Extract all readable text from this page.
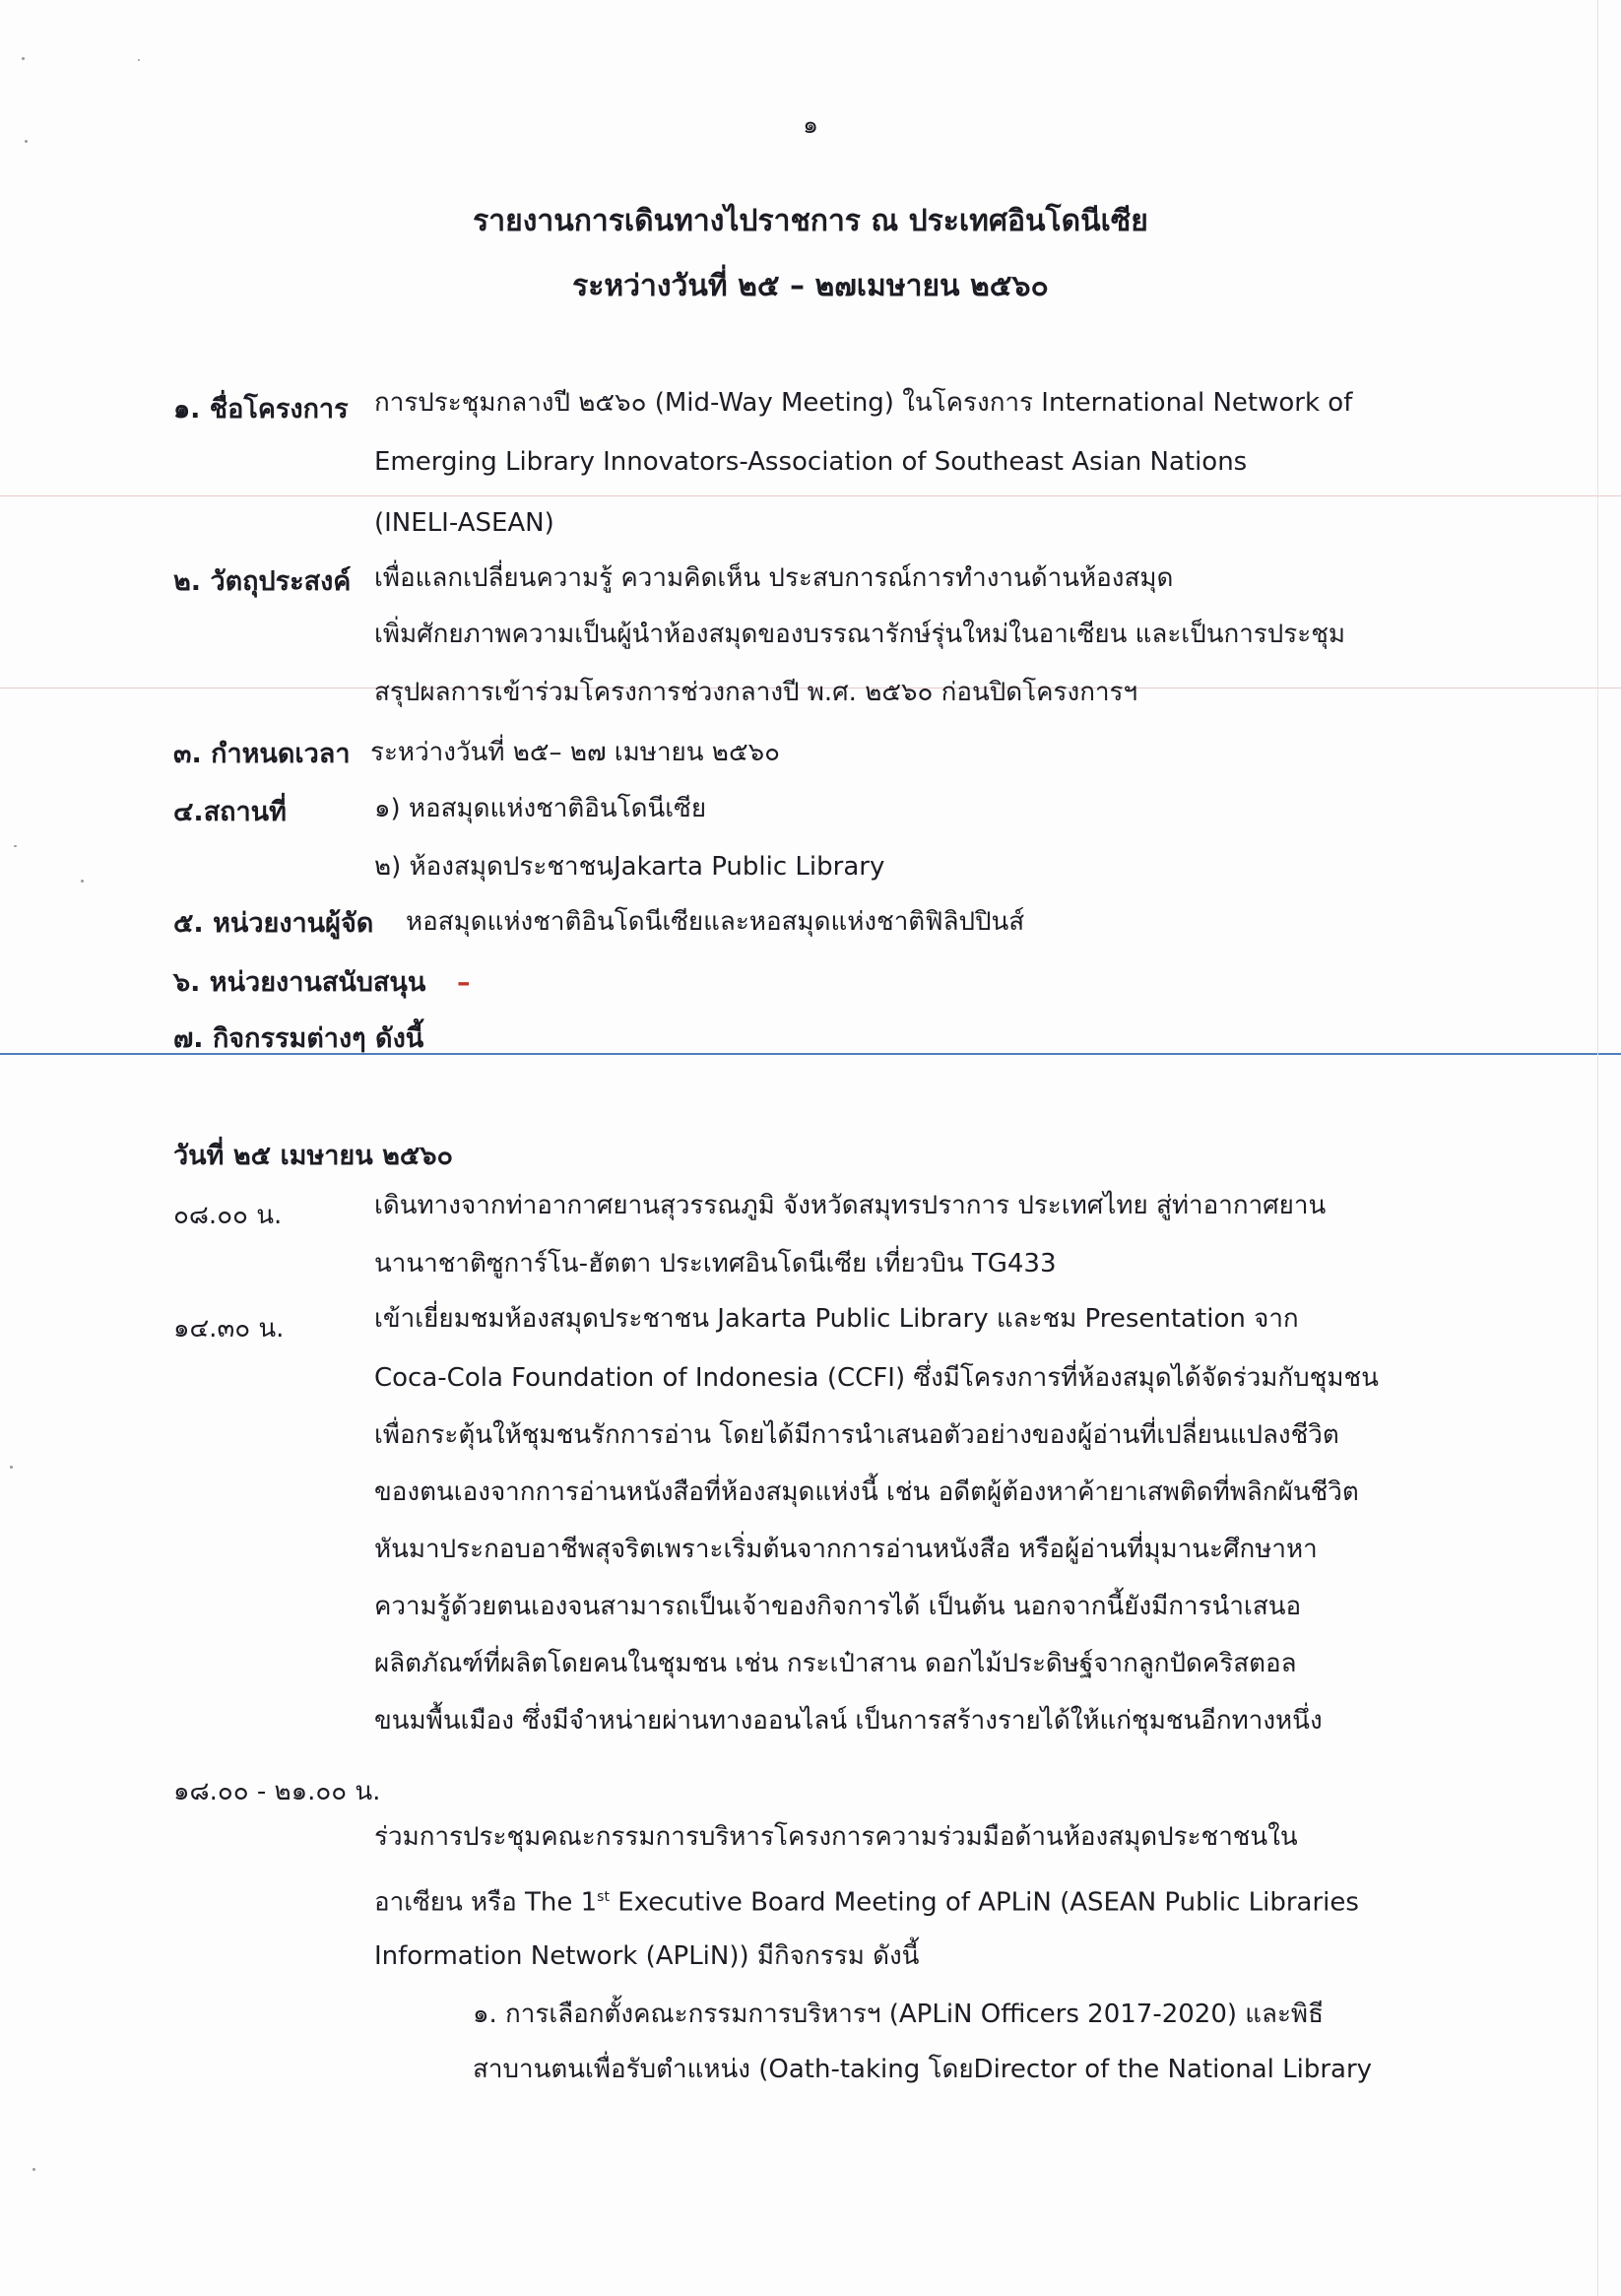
๑
รายงานการเดินทางไปราชการ ณ ประเทศอินโดนีเซีย
ระหว่างวันที่ ๒๕ – ๒๗เมษายน ๒๕๖๐
๑. ชื่อโครงการ การประชุมกลางปี ๒๕๖๐ (Mid-Way Meeting) ในโครงการ International Network of
Emerging Library Innovators-Association of Southeast Asian Nations
(INELI-ASEAN)
๒. วัตถุประสงค์ เพื่อแลกเปลี่ยนความรู้ ความคิดเห็น ประสบการณ์การทำงานด้านห้องสมุด
เพิ่มศักยภาพความเป็นผู้นำห้องสมุดของบรรณารักษ์รุ่นใหม่ในอาเซียน และเป็นการประชุม
สรุปผลการเข้าร่วมโครงการช่วงกลางปี พ.ศ. ๒๕๖๐ ก่อนปิดโครงการฯ
๓. กำหนดเวลา ระหว่างวันที่ ๒๕– ๒๗ เมษายน ๒๕๖๐
๔.สถานที่	๑) หอสมุดแห่งชาติอินโดนีเซีย
๒) ห้องสมุดประชาชนJakarta Public Library
๕. หน่วยงานผู้จัด หอสมุดแห่งชาติอินโดนีเซียและหอสมุดแห่งชาติฟิลิปปินส์
๖. หน่วยงานสนับสนุน –
๗. กิจกรรมต่างๆ ดังนี้
วันที่ ๒๕ เมษายน ๒๕๖๐
๐๘.๐๐ น.	เดินทางจากท่าอากาศยานสุวรรณภูมิ จังหวัดสมุทรปราการ ประเทศไทย สู่ท่าอากาศยาน
นานาชาติซูการ์โน-ฮัตตา ประเทศอินโดนีเซีย เที่ยวบิน TG433
๑๔.๓๐ น.	เข้าเยี่ยมชมห้องสมุดประชาชน Jakarta Public Library และชม Presentation จาก
Coca-Cola Foundation of Indonesia (CCFI) ซึ่งมีโครงการที่ห้องสมุดได้จัดร่วมกับชุมชน
เพื่อกระตุ้นให้ชุมชนรักการอ่าน โดยได้มีการนำเสนอตัวอย่างของผู้อ่านที่เปลี่ยนแปลงชีวิต
ของตนเองจากการอ่านหนังสือที่ห้องสมุดแห่งนี้ เช่น อดีตผู้ต้องหาค้ายาเสพติดที่พลิกผันชีวิต
หันมาประกอบอาชีพสุจริตเพราะเริ่มต้นจากการอ่านหนังสือ หรือผู้อ่านที่มุมานะศึกษาหา
ความรู้ด้วยตนเองจนสามารถเป็นเจ้าของกิจการได้ เป็นต้น นอกจากนี้ยังมีการนำเสนอ
ผลิตภัณฑ์ที่ผลิตโดยคนในชุมชน เช่น กระเป๋าสาน ดอกไม้ประดิษฐ์จากลูกปัดคริสตอล
ขนมพื้นเมือง ซึ่งมีจำหน่ายผ่านทางออนไลน์ เป็นการสร้างรายได้ให้แก่ชุมชนอีกทางหนึ่ง
๑๘.๐๐ - ๒๑.๐๐ น.
ร่วมการประชุมคณะกรรมการบริหารโครงการความร่วมมือด้านห้องสมุดประชาชนใน
อาเซียน หรือ The 1st Executive Board Meeting of APLiN (ASEAN Public Libraries
Information Network (APLiN)) มีกิจกรรม ดังนี้
๑. การเลือกตั้งคณะกรรมการบริหารฯ (APLiN Officers 2017-2020) และพิธี
สาบานตนเพื่อรับตำแหน่ง (Oath-taking โดยDirector of the National Library
